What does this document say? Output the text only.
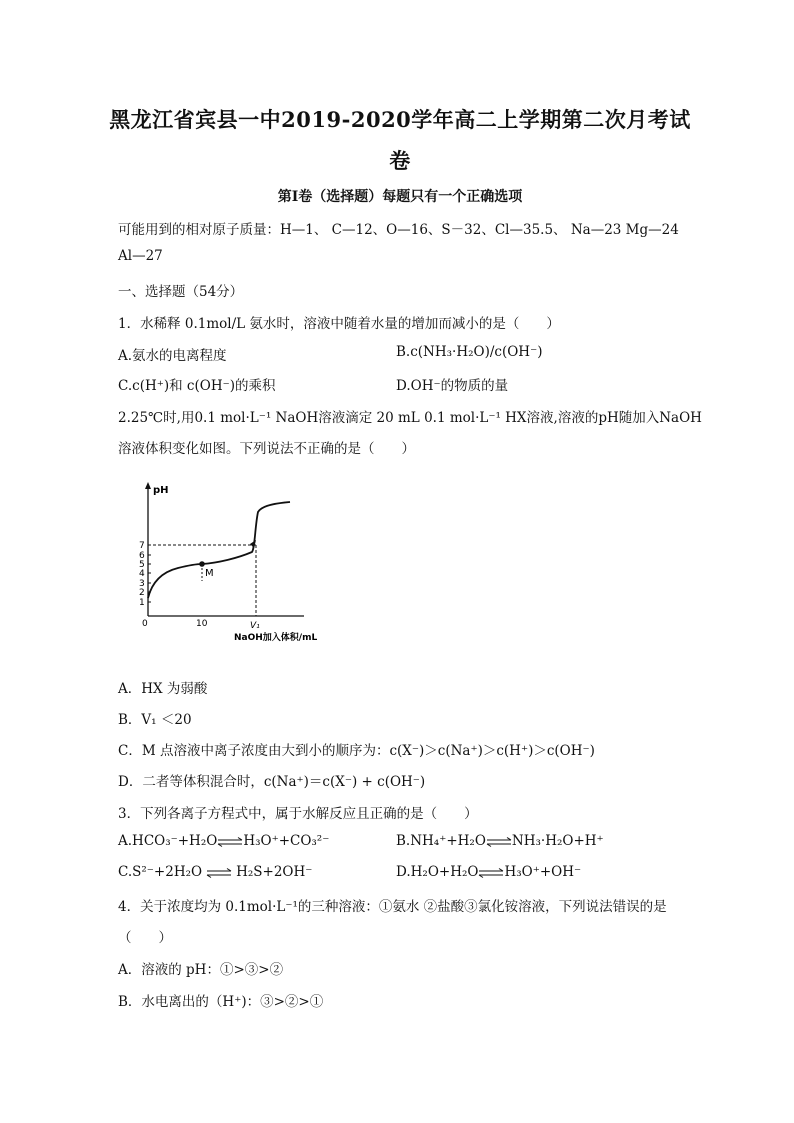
黑龙江省宾县一中2019-2020学年高二上学期第二次月考试
卷
第Ⅰ卷（选择题）每题只有一个正确选项
可能用到的相对原子质量：H—1、 C—12、O—16、S－32、Cl—35.5、 Na—23 Mg—24
Al—27
一、选择题（54分）
1．水稀释 0.1mol/L 氨水时，溶液中随着水量的增加而减小的是（　　）
A.氨水的电离程度	B.c(NH₃·H₂O)/c(OH⁻)
C.c(H⁺)和 c(OH⁻)的乘积	D.OH⁻的物质的量
2.25℃时,用0.1 mol·L⁻¹ NaOH溶液滴定 20 mL 0.1 mol·L⁻¹ HX溶液,溶液的pH随加入NaOH
溶液体积变化如图。下列说法不正确的是（　　）
pH
7
6
5
4
3
2
1
M
0	10	V₁
NaOH加入体积/mL
A．HX 为弱酸
B．V₁ ＜20
C．M 点溶液中离子浓度由大到小的顺序为：c(X⁻)＞c(Na⁺)＞c(H⁺)＞c(OH⁻)
D．二者等体积混合时，c(Na⁺)＝c(X⁻) + c(OH⁻)
3．下列各离子方程式中，属于水解反应且正确的是（　　）
A.HCO₃⁻+H₂O⇌H₃O⁺+CO₃²⁻	B.NH₄⁺+H₂O⇌NH₃·H₂O+H⁺
C.S²⁻+2H₂O⇌H₂S+2OH⁻	D.H₂O+H₂O⇌H₃O⁺+OH⁻
4．关于浓度均为 0.1mol·L⁻¹的三种溶液：①氨水 ②盐酸③氯化铵溶液，下列说法错误的是
（　　）
A．溶液的 pH：①>③>②
B．水电离出的（H⁺)：③>②>①
